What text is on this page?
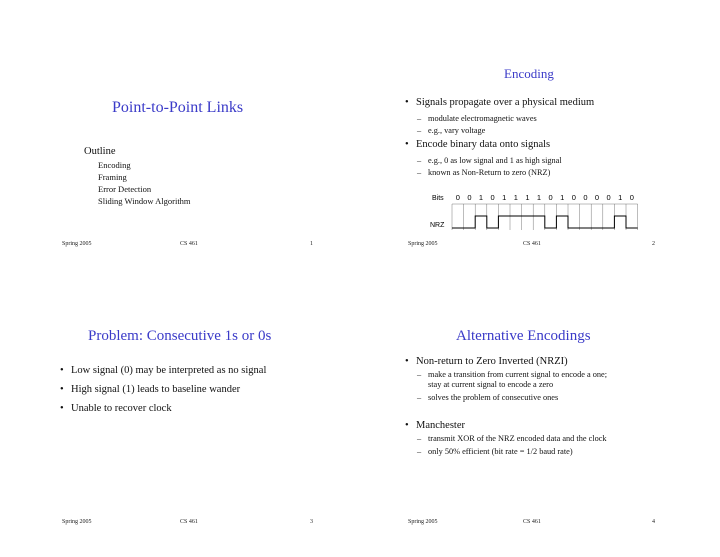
Point-to-Point Links
Outline
Encoding
Framing
Error Detection
Sliding Window Algorithm
Spring 2005	CS 461	1
Encoding
• Signals propagate over a physical medium
– modulate electromagnetic waves
– e.g., vary voltage
• Encode binary data onto signals
– e.g., 0 as low signal and 1 as high signal
– known as Non-Return to zero (NRZ)
Bits 0 0 1 0 1 1 1 1 0 1 0 0 0 0 1 0
NRZ
Spring 2005	CS 461	2
Problem: Consecutive 1s or 0s
• Low signal (0) may be interpreted as no signal
• High signal (1) leads to baseline wander
• Unable to recover clock
Spring 2005	CS 461	3
Alternative Encodings
• Non-return to Zero Inverted (NRZI)
– make a transition from current signal to encode a one;
stay at current signal to encode a zero
– solves the problem of consecutive ones
• Manchester
– transmit XOR of the NRZ encoded data and the clock
– only 50% efficient (bit rate = 1/2 baud rate)
Spring 2005	CS 461	4
